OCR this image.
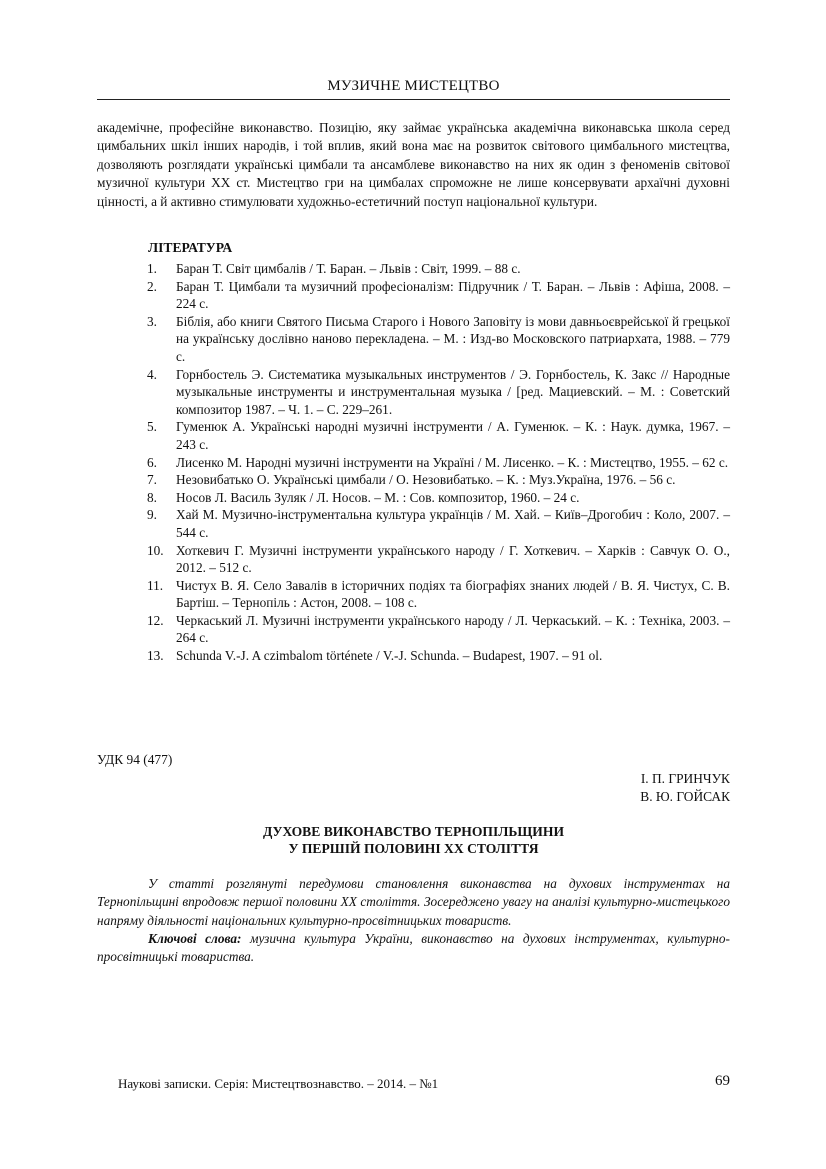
МУЗИЧНЕ МИСТЕЦТВО
академічне, професійне виконавство. Позицію, яку займає українська академічна виконавська школа серед цимбальних шкіл інших народів, і той вплив, який вона має на розвиток світового цимбального мистецтва, дозволяють розглядати українські цимбали та ансамблеве виконавство на них як один з феноменів світової музичної культури ХХ ст. Мистецтво гри на цимбалах спроможне не лише консервувати архаїчні духовні цінності, а й активно стимулювати художньо-естетичний поступ національної культури.
ЛІТЕРАТУРА
1. Баран Т. Світ цимбалів / Т. Баран. – Львів : Світ, 1999. – 88 с.
2. Баран Т. Цимбали та музичний професіоналізм: Підручник / Т. Баран. – Львів : Афіша, 2008. – 224 с.
3. Біблія, або книги Святого Письма Старого і Нового Заповіту із мови давньоєврейської й грецької на українську дослівно наново перекладена. – М. : Изд-во Московского патриархата, 1988. – 779 с.
4. Горнбостель Э. Систематика музыкальных инструментов / Э. Горнбостель, К. Закс // Народные музыкальные инструменты и инструментальная музыка / [ред. Мациевский. – М. : Советский композитор 1987. – Ч. 1. – С. 229–261.
5. Гуменюк А. Українські народні музичні інструменти / А. Гуменюк. – К. : Наук. думка, 1967. – 243 с.
6. Лисенко М. Народні музичні інструменти на Україні / М. Лисенко. – К. : Мистецтво, 1955. – 62 с.
7. Незовибатько О. Українські цимбали / О. Незовибатько. – К. : Муз.Україна, 1976. – 56 с.
8. Носов Л. Василь Зуляк / Л. Носов. – М. : Сов. композитор, 1960. – 24 с.
9. Хай М. Музично-інструментальна культура українців / М. Хай. – Київ–Дрогобич : Коло, 2007. – 544 с.
10. Хоткевич Г. Музичні інструменти українського народу / Г. Хоткевич. – Харків : Савчук О. О., 2012. – 512 с.
11. Чистух В. Я. Село Завалів в історичних подіях та біографіях знаних людей / В. Я. Чистух, С. В. Бартіш. – Тернопіль : Астон, 2008. – 108 с.
12. Черкаський Л. Музичні інструменти українського народу / Л. Черкаський. – К. : Техніка, 2003. – 264 с.
13. Schunda V.-J. A czimbalom története / V.-J. Schunda. – Budapest, 1907. – 91 ol.
УДК 94 (477)
І. П. ГРИНЧУК
В. Ю. ГОЙСАК
ДУХОВЕ ВИКОНАВСТВО ТЕРНОПІЛЬЩИНИ
У ПЕРШІЙ ПОЛОВИНІ ХХ СТОЛІТТЯ
У статті розглянуті передумови становлення виконавства на духових інструментах на Тернопільщині впродовж першої половини ХХ століття. Зосереджено увагу на аналізі культурно-мистецького напряму діяльності національних культурно-просвітницьких товариств.
Ключові слова: музична культура України, виконавство на духових інструментах, культурно-просвітницькі товариства.
Наукові записки. Серія: Мистецтвознавство. – 2014. – №1	69
